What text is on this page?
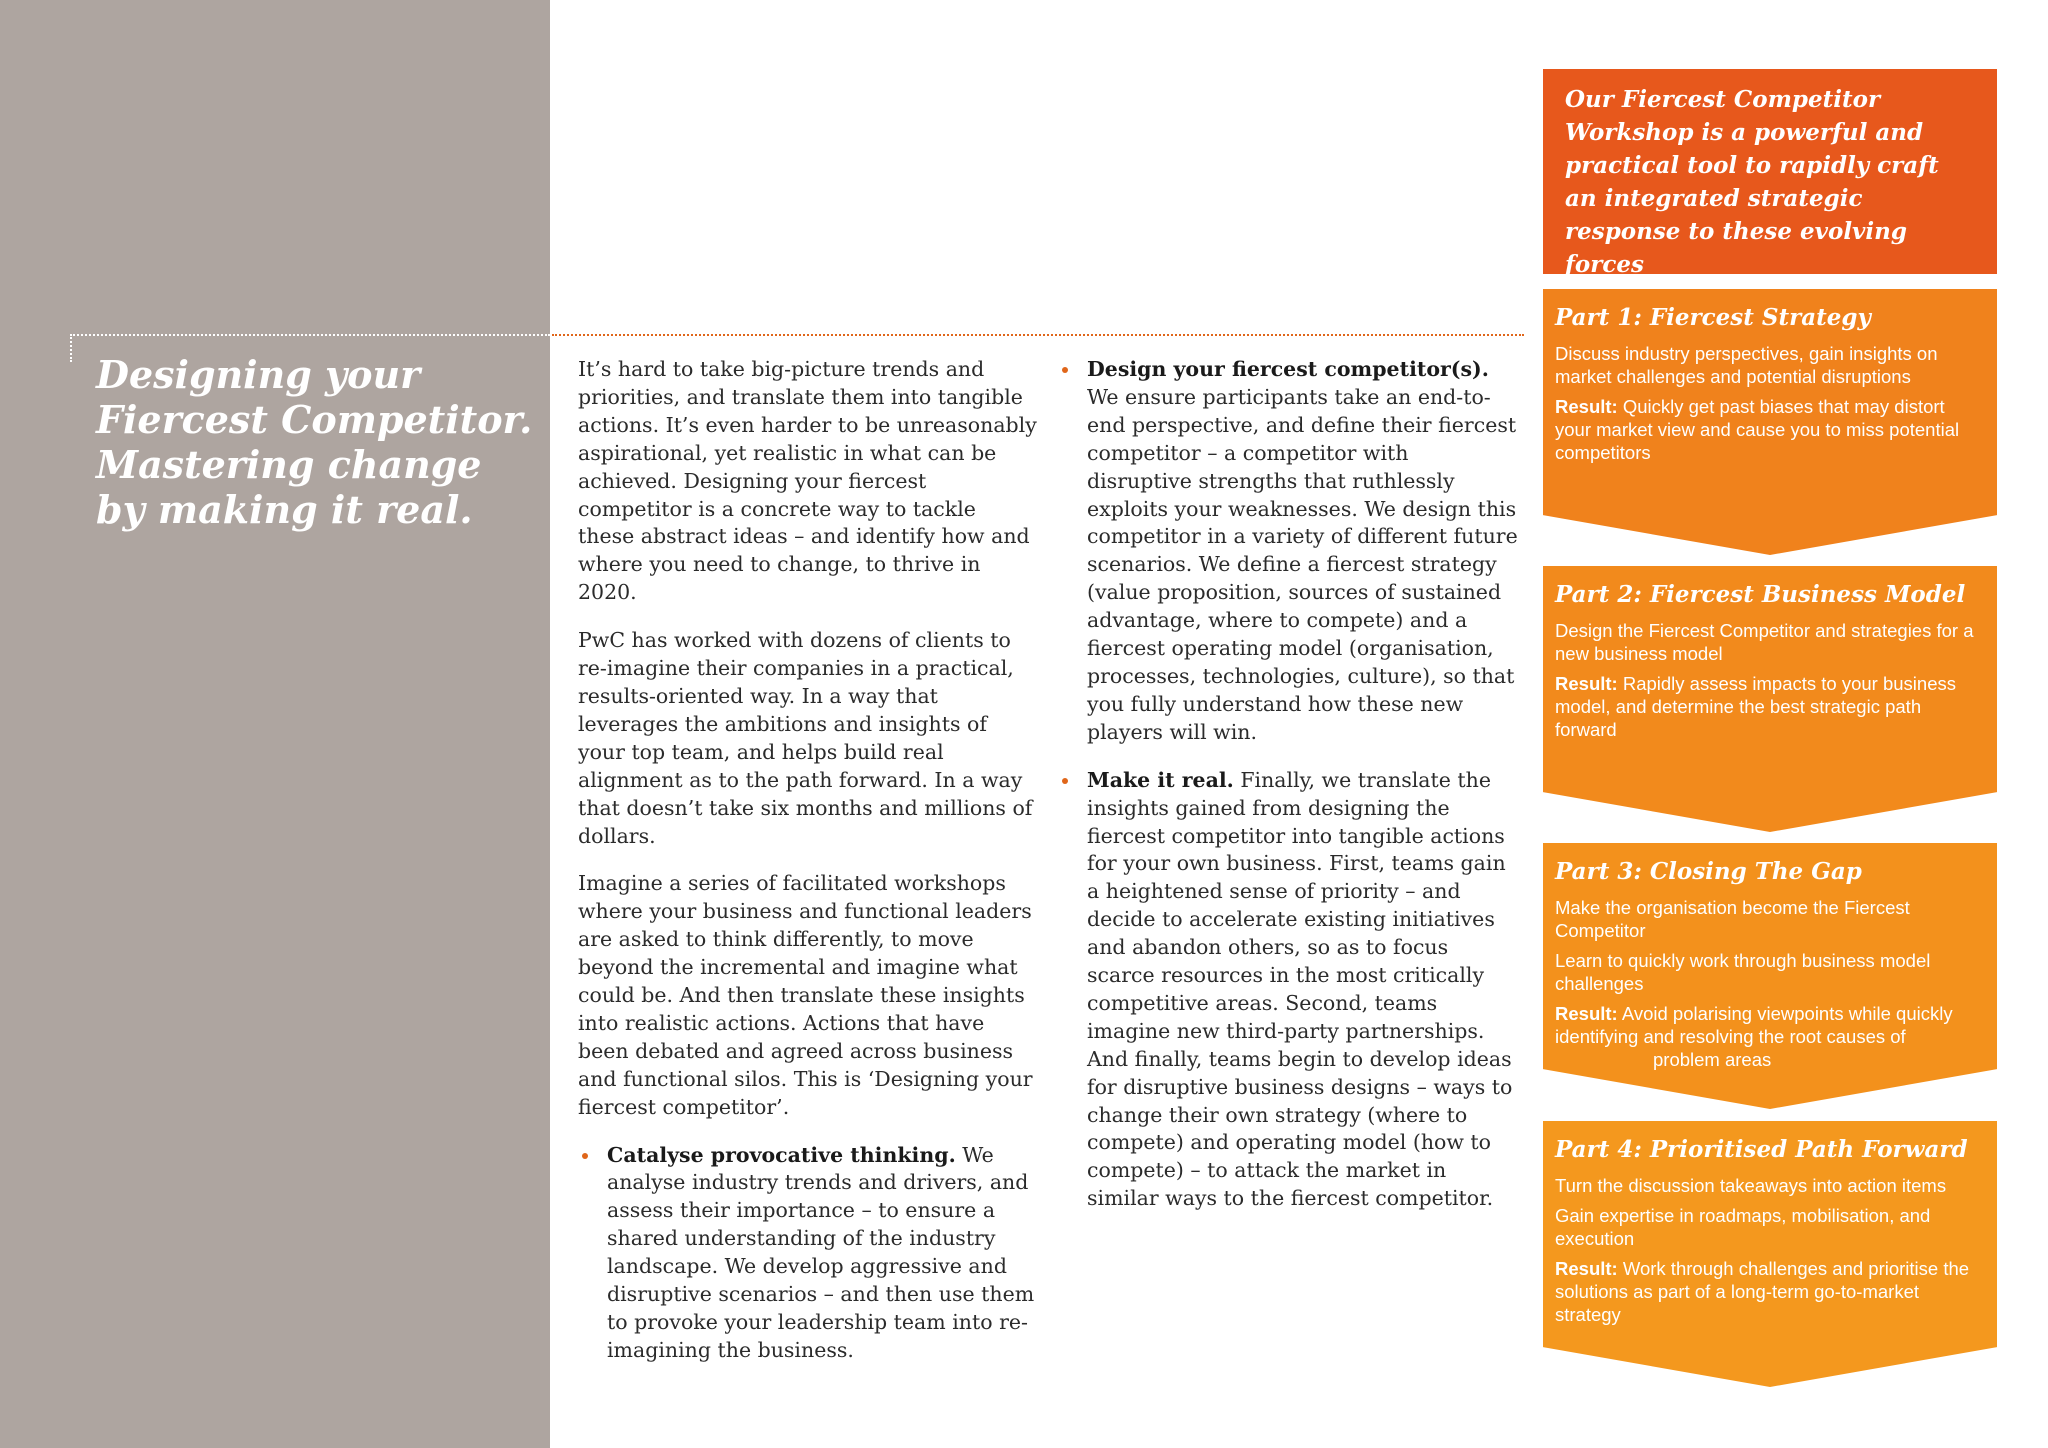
Designing your
Fiercest Competitor.
Mastering change
by making it real.

It’s hard to take big-picture trends and priorities, and translate them into tangible actions. It’s even harder to be unreasonably aspirational, yet realistic in what can be achieved. Designing your fiercest competitor is a concrete way to tackle these abstract ideas – and identify how and where you need to change, to thrive in 2020.

PwC has worked with dozens of clients to re-imagine their companies in a practical, results-oriented way. In a way that leverages the ambitions and insights of your top team, and helps build real alignment as to the path forward. In a way that doesn’t take six months and millions of dollars.

Imagine a series of facilitated workshops where your business and functional leaders are asked to think differently, to move beyond the incremental and imagine what could be. And then translate these insights into realistic actions. Actions that have been debated and agreed across business and functional silos. This is ‘Designing your fiercest competitor’.

Catalyse provocative thinking. We analyse industry trends and drivers, and assess their importance – to ensure a shared understanding of the industry landscape. We develop aggressive and disruptive scenarios – and then use them to provoke your leadership team into re-imagining the business.
Design your fiercest competitor(s). We ensure participants take an end-to-end perspective, and define their fiercest competitor – a competitor with disruptive strengths that ruthlessly exploits your weaknesses. We design this competitor in a variety of different future scenarios. We define a fiercest strategy (value proposition, sources of sustained advantage, where to compete) and a fiercest operating model (organisation, processes, technologies, culture), so that you fully understand how these new players will win.
Make it real. Finally, we translate the insights gained from designing the fiercest competitor into tangible actions for your own business. First, teams gain a heightened sense of priority – and decide to accelerate existing initiatives and abandon others, so as to focus scarce resources in the most critically competitive areas. Second, teams imagine new third-party partnerships. And finally, teams begin to develop ideas for disruptive business designs – ways to change their own strategy (where to compete) and operating model (how to compete) – to attack the market in similar ways to the fiercest competitor.

Our Fiercest Competitor Workshop is a powerful and practical tool to rapidly craft an integrated strategic response to these evolving forces

Part 1: Fiercest Strategy

Discuss industry perspectives, gain insights on market challenges and potential disruptions

Result: Quickly get past biases that may distort your market view and cause you to miss potential competitors

Part 2: Fiercest Business Model

Design the Fiercest Competitor and strategies for a new business model

Result: Rapidly assess impacts to your business model, and determine the best strategic path forward

Part 3: Closing The Gap

Make the organisation become the Fiercest Competitor

Learn to quickly work through business model challenges

Result: Avoid polarising viewpoints while quickly identifying and resolving the root causes of
problem areas

Part 4: Prioritised Path Forward

Turn the discussion takeaways into action items

Gain expertise in roadmaps, mobilisation, and execution

Result: Work through challenges and prioritise the solutions as part of a long-term go-to-market strategy
